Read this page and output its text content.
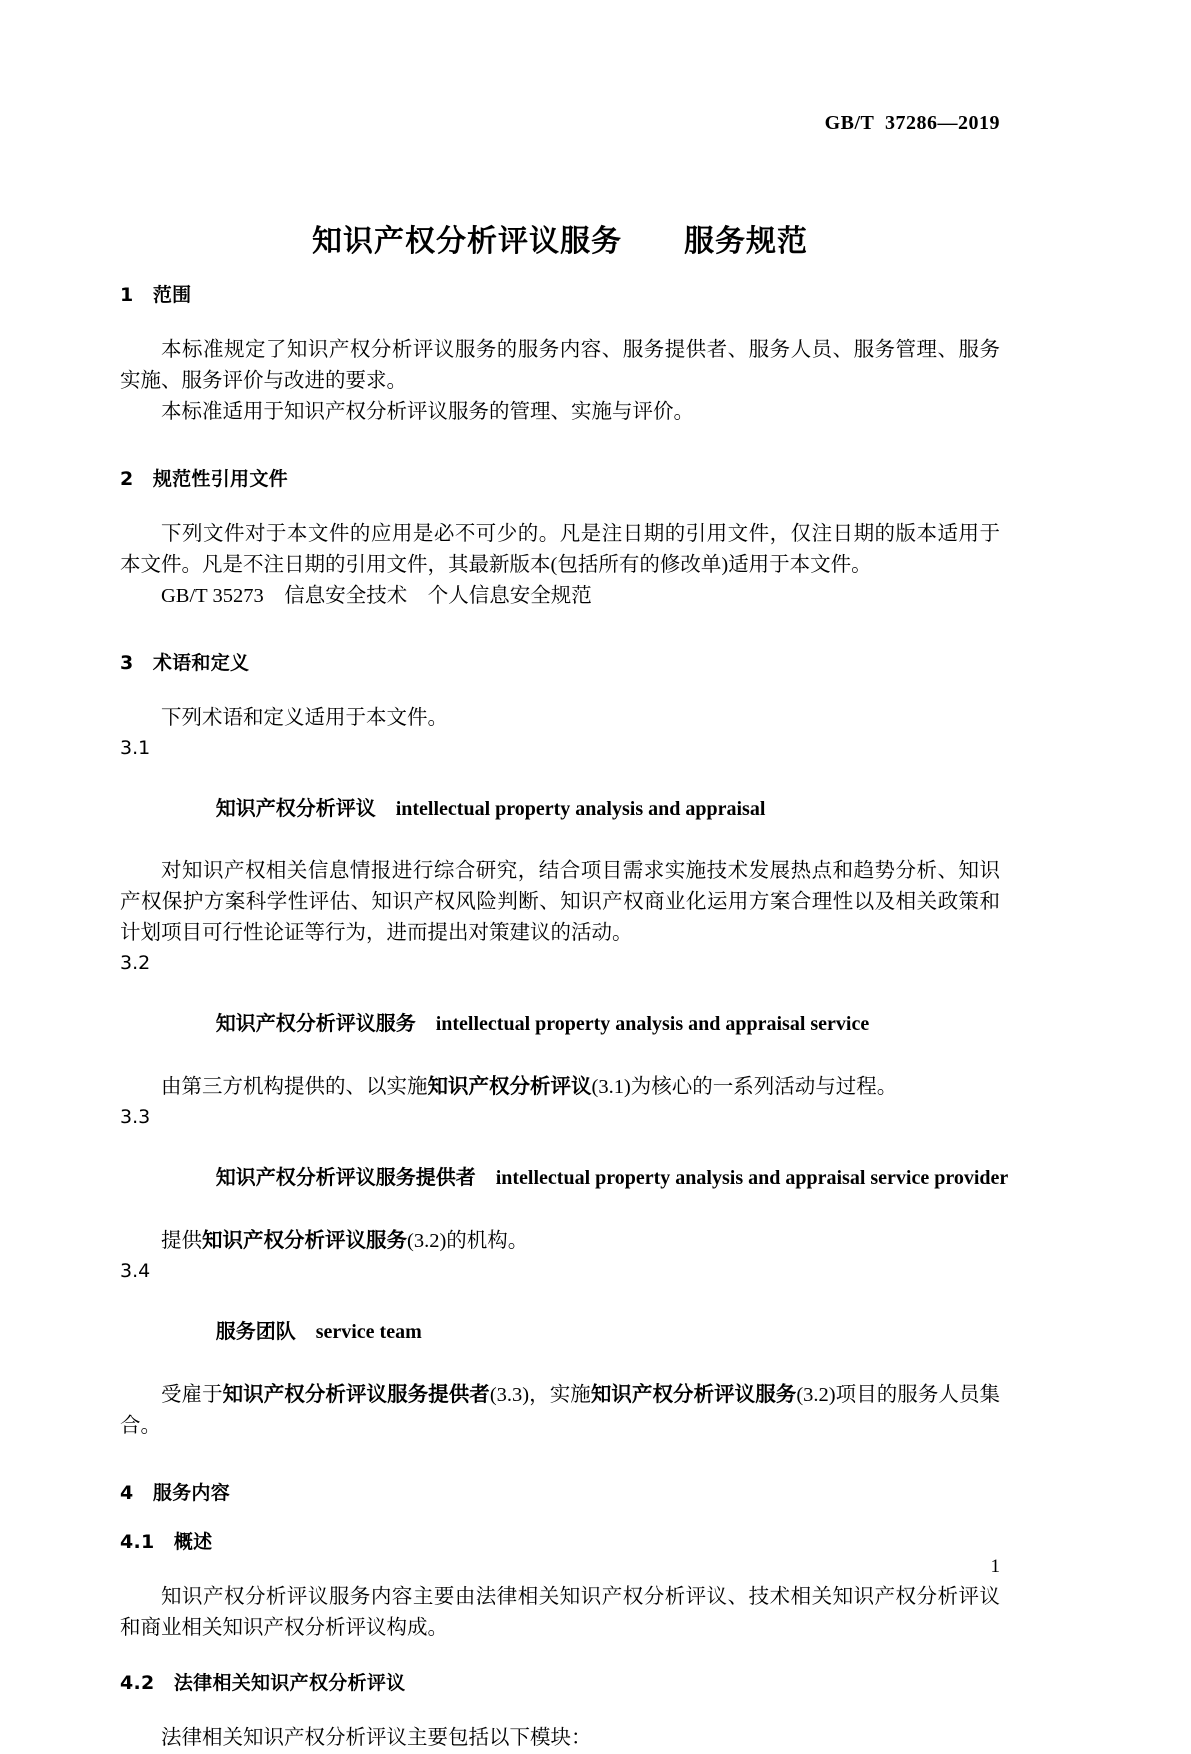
GB/T  37286—2019
知识产权分析评议服务　　服务规范
1　范围

本标准规定了知识产权分析评议服务的服务内容、服务提供者、服务人员、服务管理、服务实施、服务评价与改进的要求。

本标准适用于知识产权分析评议服务的管理、实施与评价。

2　规范性引用文件

下列文件对于本文件的应用是必不可少的。凡是注日期的引用文件，仅注日期的版本适用于本文件。凡是不注日期的引用文件，其最新版本(包括所有的修改单)适用于本文件。

GB/T 35273　信息安全技术　个人信息安全规范

3　术语和定义

下列术语和定义适用于本文件。

3.1

知识产权分析评议　 intellectual property analysis and appraisal

对知识产权相关信息情报进行综合研究，结合项目需求实施技术发展热点和趋势分析、知识产权保护方案科学性评估、知识产权风险判断、知识产权商业化运用方案合理性以及相关政策和计划项目可行性论证等行为，进而提出对策建议的活动。

3.2

知识产权分析评议服务　 intellectual property analysis and appraisal service

由第三方机构提供的、以实施知识产权分析评议(3.1)为核心的一系列活动与过程。

3.3

知识产权分析评议服务提供者　 intellectual property analysis and appraisal service provider

提供知识产权分析评议服务(3.2)的机构。

3.4

服务团队　 service team

受雇于知识产权分析评议服务提供者(3.3)，实施知识产权分析评议服务(3.2)项目的服务人员集合。

4　服务内容
4.1　概述

知识产权分析评议服务内容主要由法律相关知识产权分析评议、技术相关知识产权分析评议和商业相关知识产权分析评议构成。

4.2　法律相关知识产权分析评议

法律相关知识产权分析评议主要包括以下模块：

1
